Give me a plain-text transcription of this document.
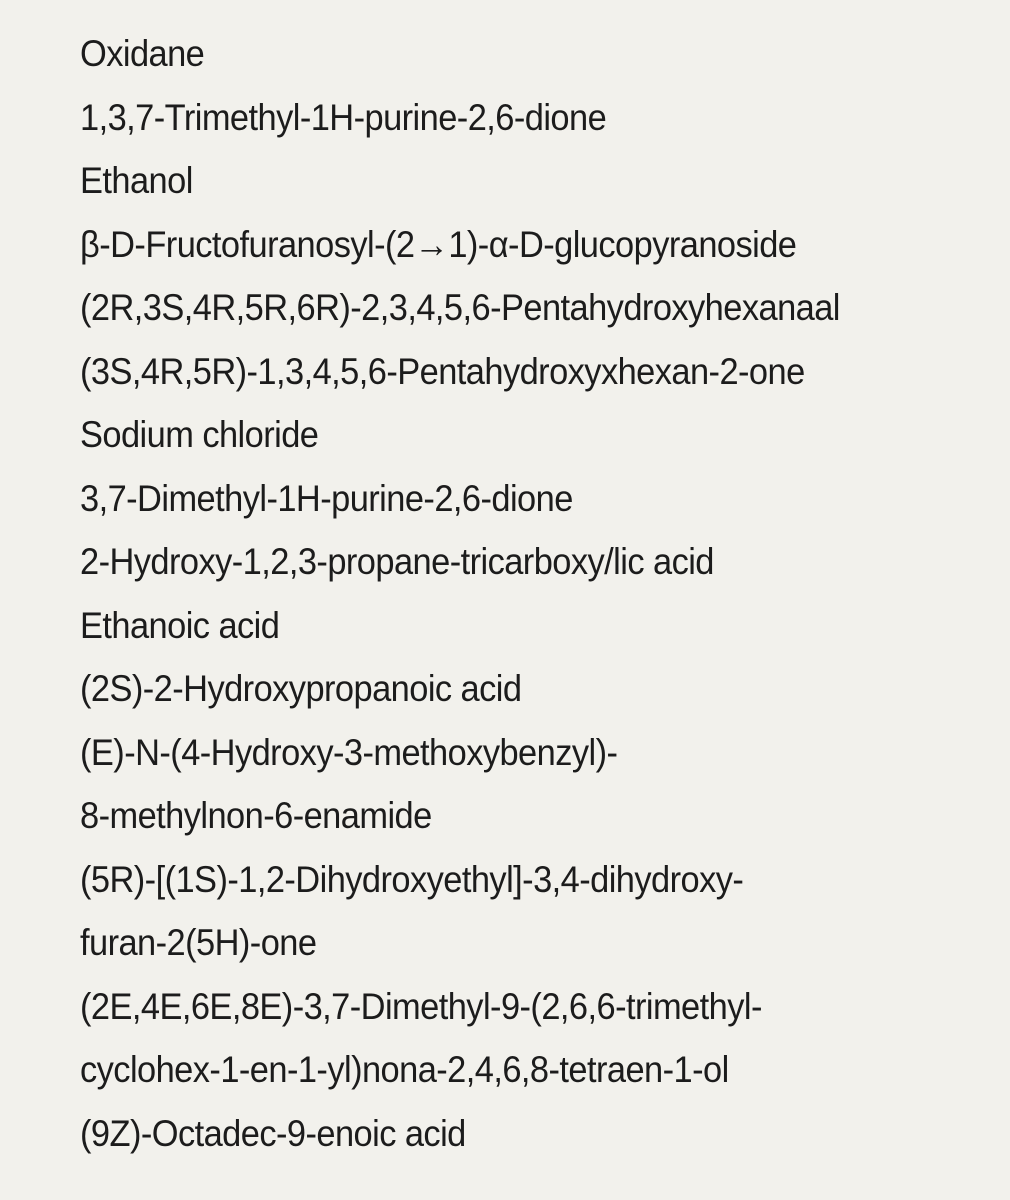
Oxidane
1,3,7-Trimethyl-1H-purine-2,6-dione
Ethanol
β-D-Fructofuranosyl-(2→1)-α-D-glucopyranoside
(2R,3S,4R,5R,6R)-2,3,4,5,6-Pentahydroxyhexanaal
(3S,4R,5R)-1,3,4,5,6-Pentahydroxyxhexan-2-one
Sodium chloride
3,7-Dimethyl-1H-purine-2,6-dione
2-Hydroxy-1,2,3-propane-tricarboxy/lic acid
Ethanoic acid
(2S)-2-Hydroxypropanoic acid
(E)-N-(4-Hydroxy-3-methoxybenzyl)-
8-methylnon-6-enamide
(5R)-[(1S)-1,2-Dihydroxyethyl]-3,4-dihydroxy-
furan-2(5H)-one
(2E,4E,6E,8E)-3,7-Dimethyl-9-(2,6,6-trimethyl-
cyclohex-1-en-1-yl)nona-2,4,6,8-tetraen-1-ol
(9Z)-Octadec-9-enoic acid
